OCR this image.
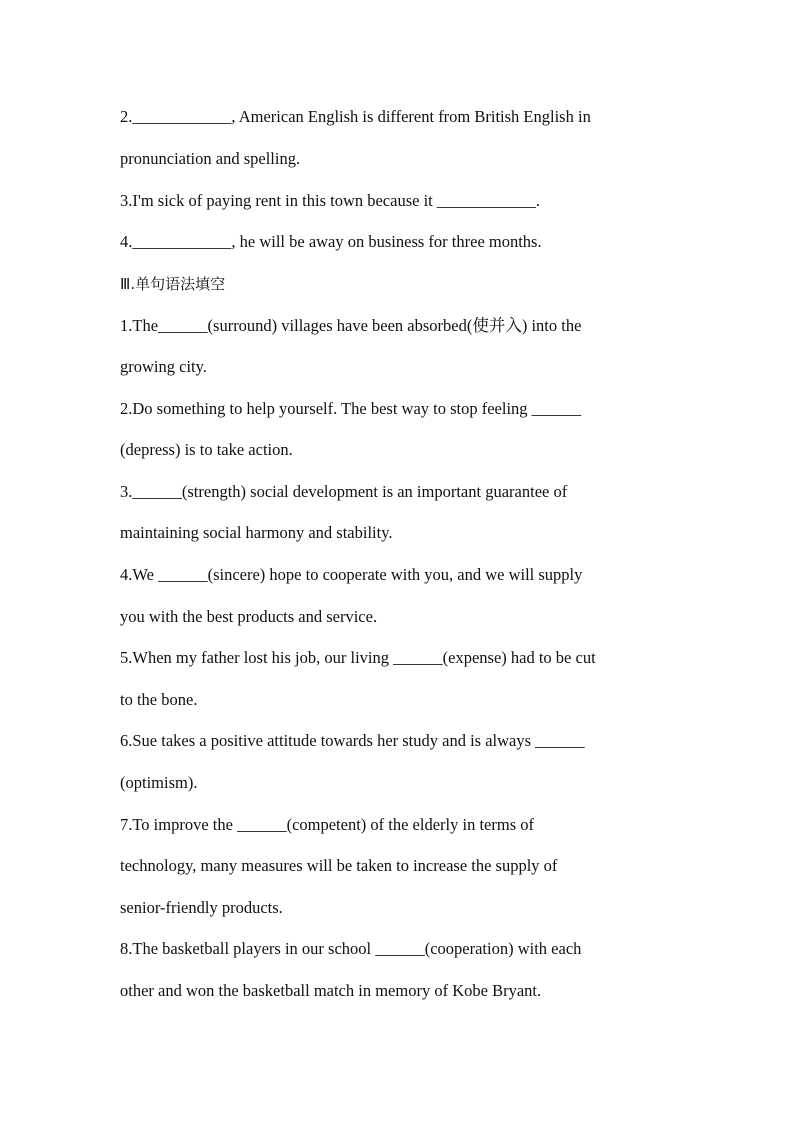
2.____________, American English is different from British English in
pronunciation and spelling.
3.I'm sick of paying rent in this town because it ____________.
4.____________, he will be away on business for three months.
Ⅲ.单句语法填空
1.The______(surround) villages have been absorbed(使并入) into the
growing city.
2.Do something to help yourself. The best way to stop feeling ______
(depress) is to take action.
3.______(strength) social development is an important guarantee of
maintaining social harmony and stability.
4.We ______(sincere) hope to cooperate with you, and we will supply
you with the best products and service.
5.When my father lost his job, our living ______(expense) had to be cut
to the bone.
6.Sue takes a positive attitude towards her study and is always ______
(optimism).
7.To improve the ______(competent) of the elderly in terms of
technology, many measures will be taken to increase the supply of
senior-friendly products.
8.The basketball players in our school ______(cooperation) with each
other and won the basketball match in memory of Kobe Bryant.
